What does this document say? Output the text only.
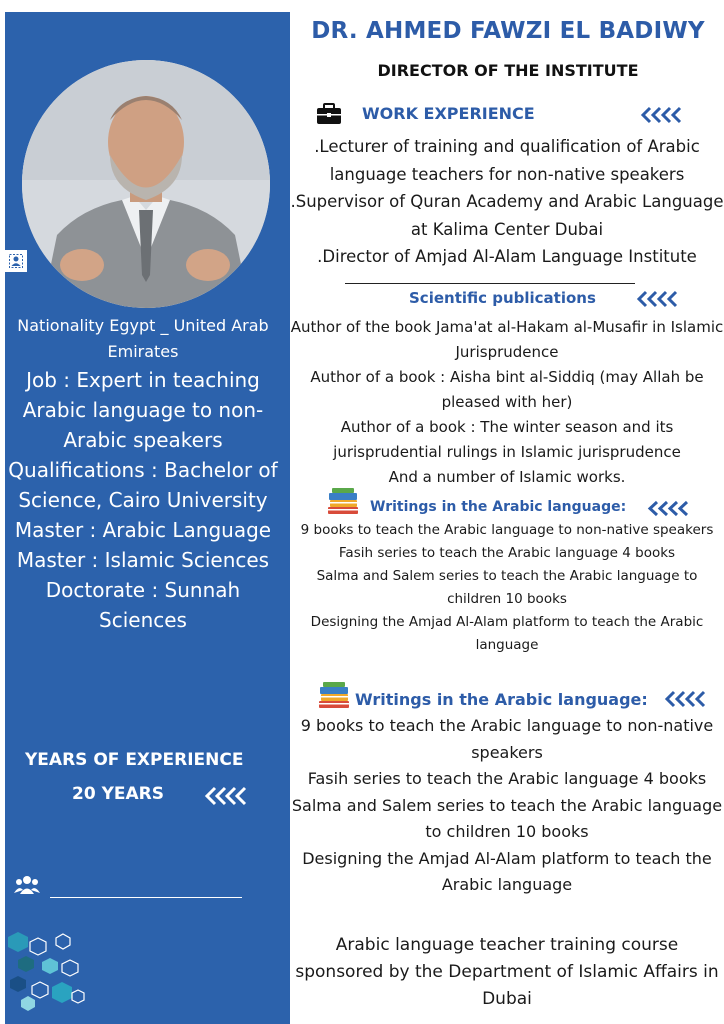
Nationality Egypt _ United Arab Emirates
Job : Expert in teaching Arabic language to non-Arabic speakers
Qualifications : Bachelor of Science, Cairo University
Master : Arabic Language
Master : Islamic Sciences
Doctorate : Sunnah Sciences
YEARS OF EXPERIENCE
20 YEARS
DR. AHMED FAWZI EL BADIWY
DIRECTOR OF THE INSTITUTE
WORK EXPERIENCE

.Lecturer of training and qualification of Arabic language teachers for non-native speakers

.Supervisor of Quran Academy and Arabic Language at Kalima Center Dubai

.Director of Amjad Al-Alam Language Institute

Scientific publications

Author of the book Jama'at al-Hakam al-Musafir in Islamic Jurisprudence

Author of a book : Aisha bint al-Siddiq (may Allah be pleased with her)

Author of a book : The winter season and its jurisprudential rulings in Islamic jurisprudence

And a number of Islamic works.

Writings in the Arabic language:

9 books to teach the Arabic language to non-native speakers

Fasih series to teach the Arabic language 4 books

Salma and Salem series to teach the Arabic language to children 10 books

Designing the Amjad Al-Alam platform to teach the Arabic language

Writings in the Arabic language:

9 books to teach the Arabic language to non-native speakers

Fasih series to teach the Arabic language 4 books

Salma and Salem series to teach the Arabic language to children 10 books

Designing the Amjad Al-Alam platform to teach the Arabic language

Arabic language teacher training course sponsored by the Department of Islamic Affairs in Dubai
